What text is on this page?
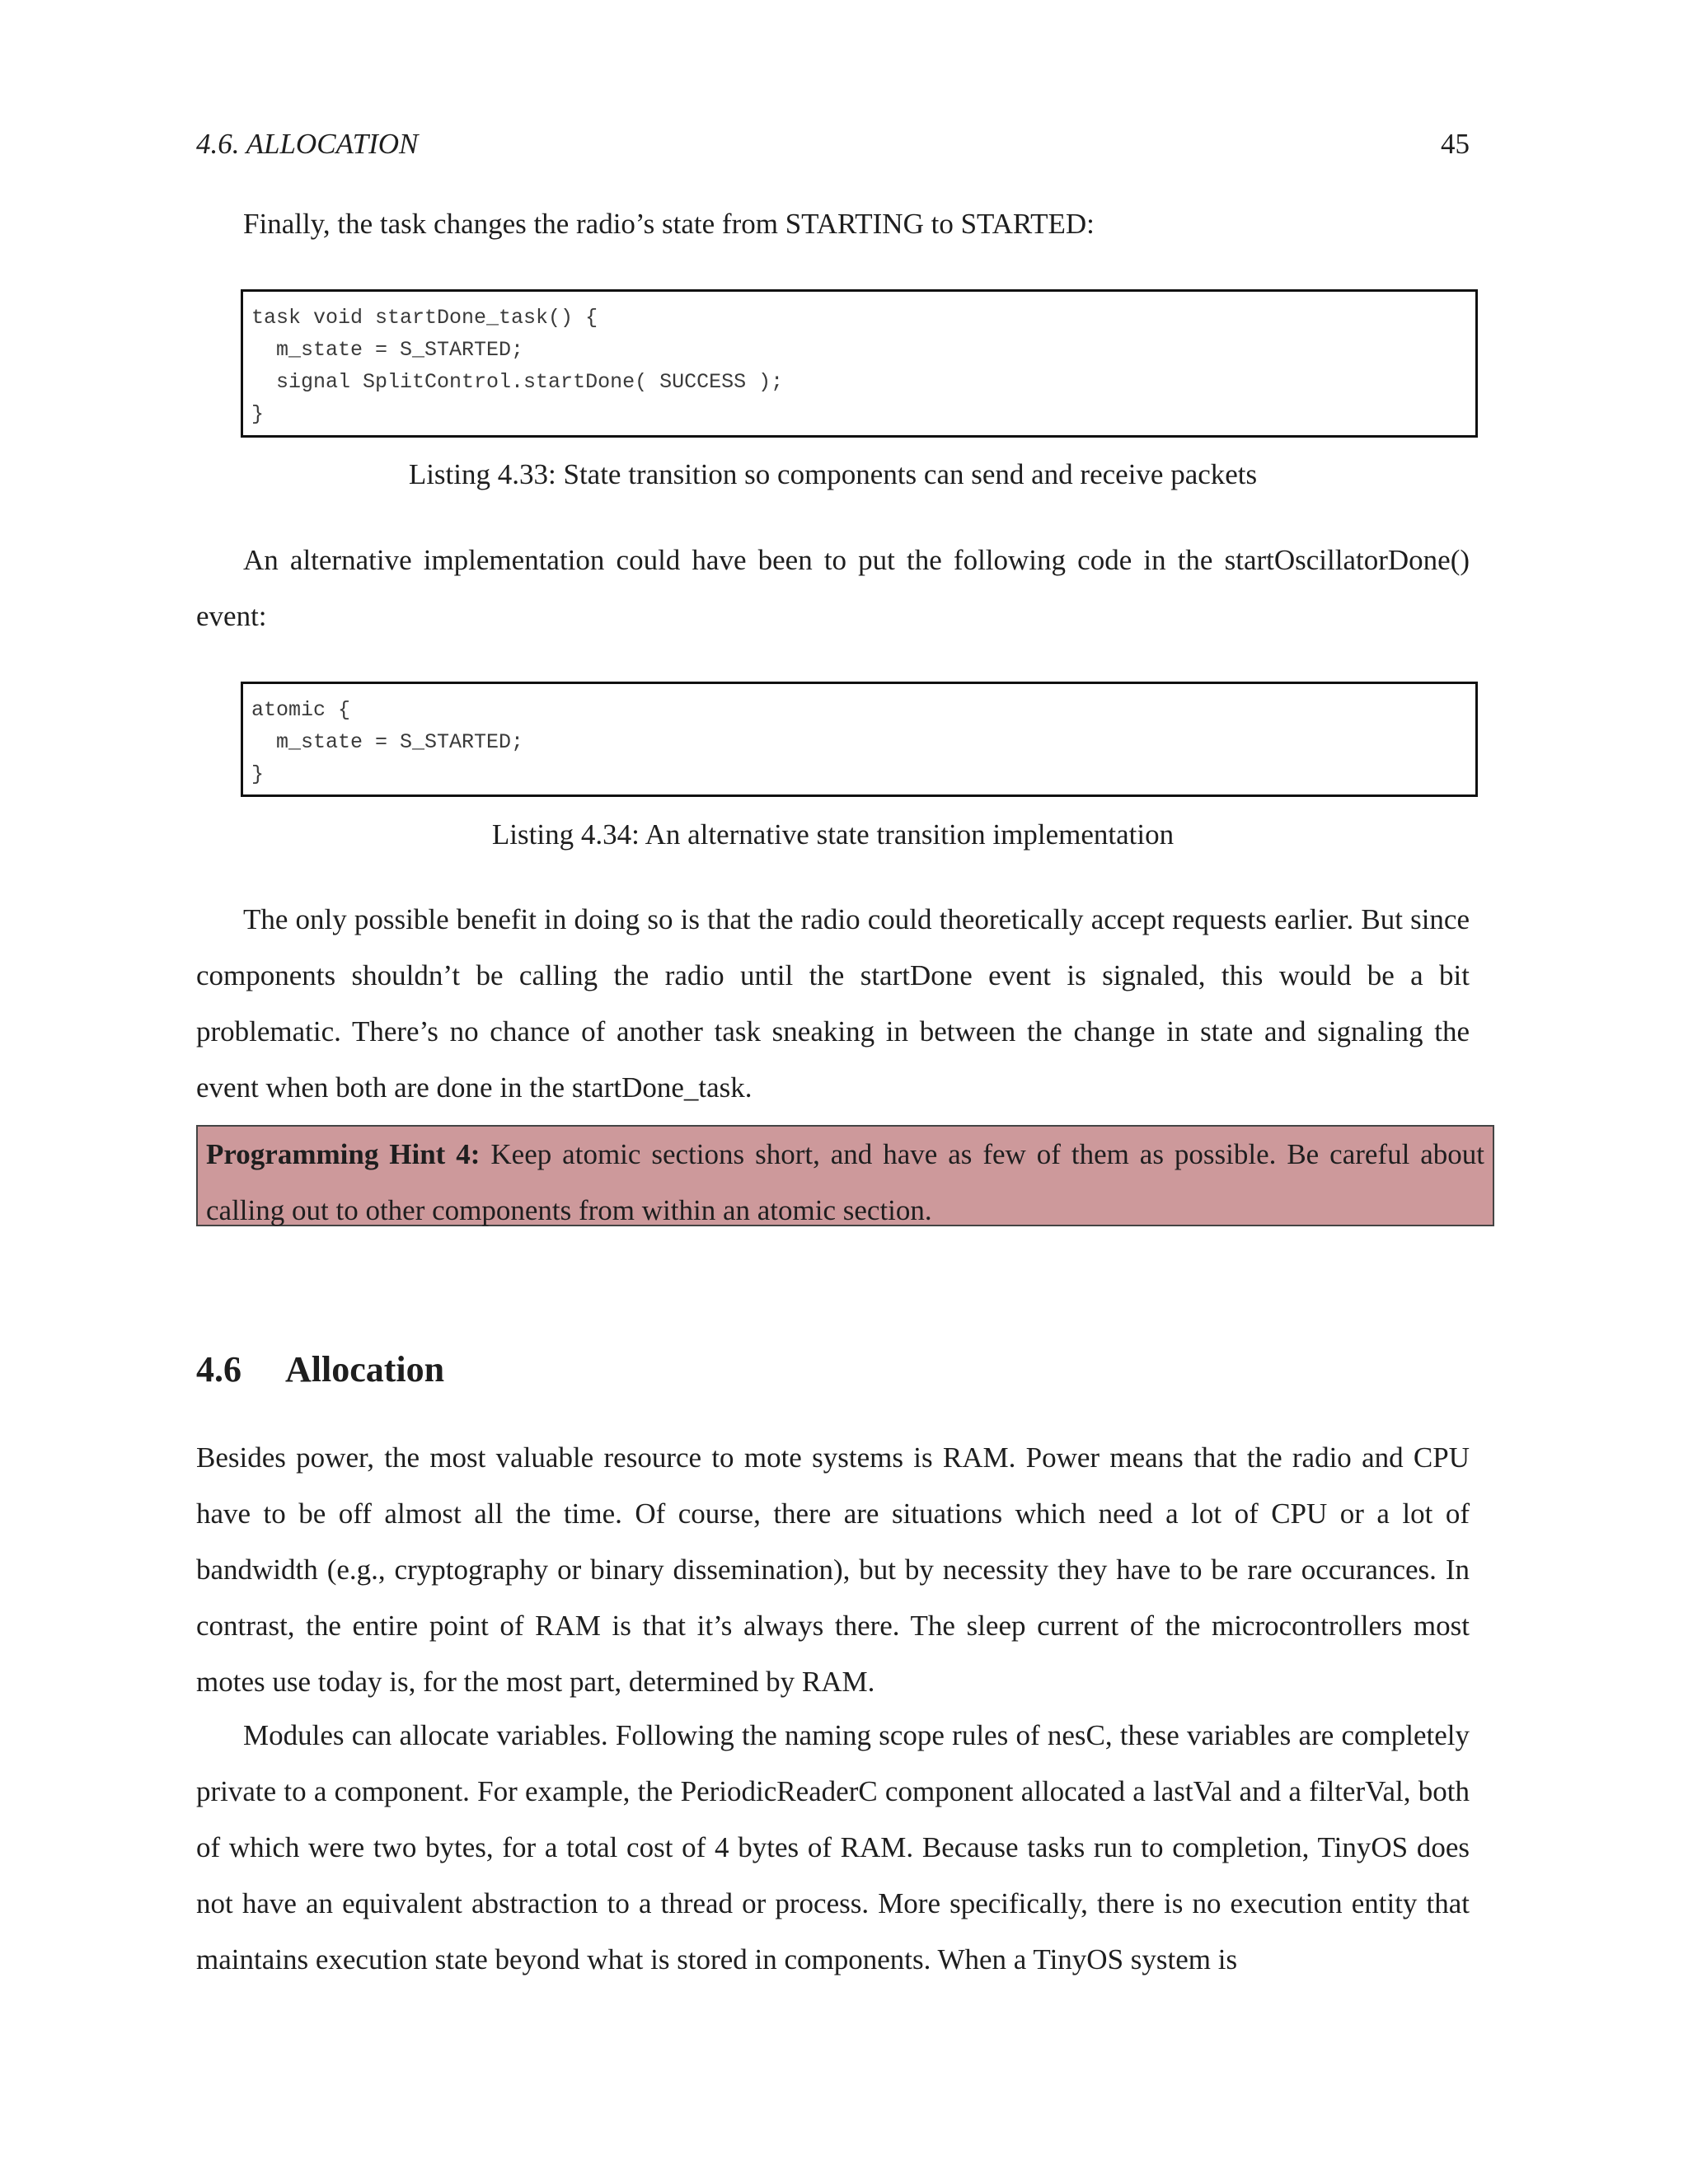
4.6. ALLOCATION	45

Finally, the task changes the radio’s state from STARTING to STARTED:

task void startDone_task() {
m_state = S_STARTED;
signal SplitControl.startDone( SUCCESS );
}

Listing 4.33: State transition so components can send and receive packets

An alternative implementation could have been to put the following code in the startOscillatorDone() event:

atomic {
m_state = S_STARTED;
}

Listing 4.34: An alternative state transition implementation

The only possible benefit in doing so is that the radio could theoretically accept requests earlier. But since components shouldn’t be calling the radio until the startDone event is signaled, this would be a bit problematic. There’s no chance of another task sneaking in between the change in state and signaling the event when both are done in the startDone_task.

Programming Hint 4: Keep atomic sections short, and have as few of them as possible. Be careful about calling out to other components from within an atomic section.
4.6 Allocation

Besides power, the most valuable resource to mote systems is RAM. Power means that the radio and CPU have to be off almost all the time. Of course, there are situations which need a lot of CPU or a lot of bandwidth (e.g., cryptography or binary dissemination), but by necessity they have to be rare occurances. In contrast, the entire point of RAM is that it’s always there. The sleep current of the microcontrollers most motes use today is, for the most part, determined by RAM.

Modules can allocate variables. Following the naming scope rules of nesC, these variables are completely private to a component. For example, the PeriodicReaderC component allocated a lastVal and a filterVal, both of which were two bytes, for a total cost of 4 bytes of RAM. Because tasks run to completion, TinyOS does not have an equivalent abstraction to a thread or process. More specifically, there is no execution entity that maintains execution state beyond what is stored in components. When a TinyOS system is
